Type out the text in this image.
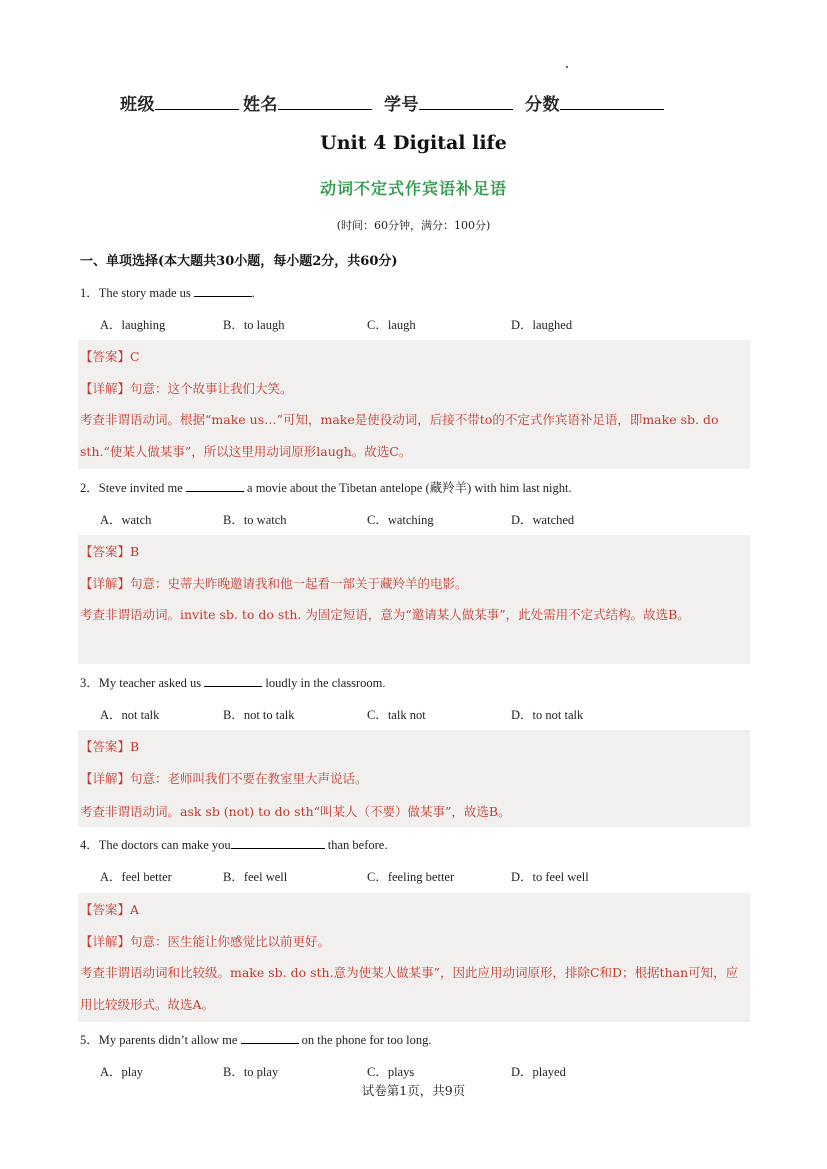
班级	姓名	学号	分数
Unit 4 Digital life
动词不定式作宾语补足语
(时间：60分钟，满分：100分)
一、单项选择(本大题共30小题，每小题2分，共60分)
1．The story made us	.
A．laughing	B．to laugh	C．laugh	D．laughed
【答案】C
【详解】句意：这个故事让我们大笑。
考查非谓语动词。根据“make us…”可知，make是使役动词，后接不带to的不定式作宾语补足语，即make sb. do sth.“使某人做某事”，所以这里用动词原形laugh。故选C。
2．Steve invited me	a movie about the Tibetan antelope (藏羚羊) with him last night.
A．watch	B．to watch	C．watching	D．watched
【答案】B
【详解】句意：史蒂夫昨晚邀请我和他一起看一部关于藏羚羊的电影。
考查非谓语动词。invite sb. to do sth. 为固定短语，意为“邀请某人做某事”，此处需用不定式结构。故选B。
3．My teacher asked us	loudly in the classroom.
A．not talk	B．not to talk	C．talk not	D．to not talk
【答案】B
【详解】句意：老师叫我们不要在教室里大声说话。
考查非谓语动词。ask sb (not) to do sth“叫某人（不要）做某事”，故选B。
4．The doctors can make you	than before.
A．feel better	B．feel well	C．feeling better	D．to feel well
【答案】A
【详解】句意：医生能让你感觉比以前更好。
考查非谓语动词和比较级。make sb. do sth.意为使某人做某事”，因此应用动词原形，排除C和D；根据than可知，应用比较级形式。故选A。
5．My parents didn’t allow me	on the phone for too long.
A．play	B．to play	C．plays	D．played
试卷第1页，共9页
